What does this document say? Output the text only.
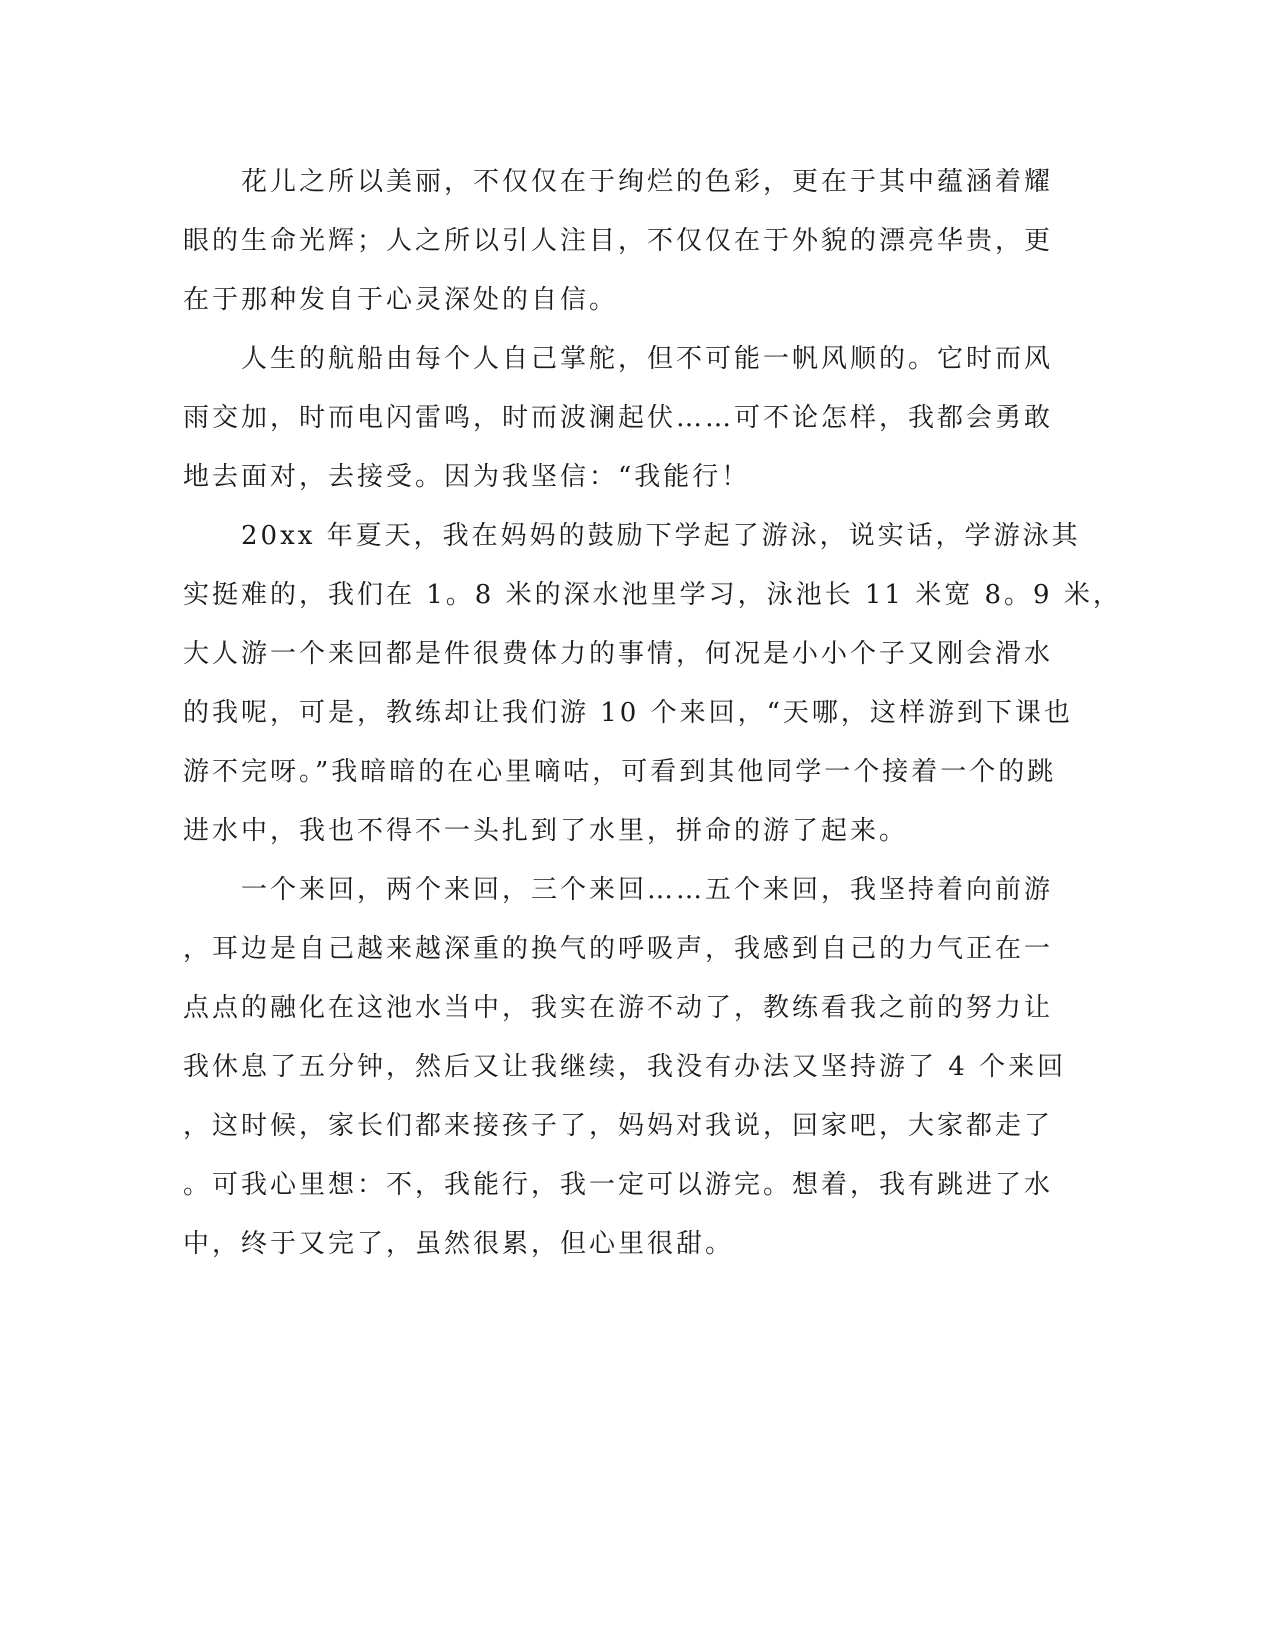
　　花儿之所以美丽，不仅仅在于绚烂的色彩，更在于其中蕴涵着耀

眼的生命光辉；人之所以引人注目，不仅仅在于外貌的漂亮华贵，更

在于那种发自于心灵深处的自信。

　　人生的航船由每个人自己掌舵，但不可能一帆风顺的。它时而风

雨交加，时而电闪雷鸣，时而波澜起伏……可不论怎样，我都会勇敢

地去面对，去接受。因为我坚信：“我能行！

　　20xx 年夏天，我在妈妈的鼓励下学起了游泳，说实话，学游泳其

实挺难的，我们在 1。8 米的深水池里学习，泳池长 11 米宽 8。9 米，

大人游一个来回都是件很费体力的事情，何况是小小个子又刚会滑水

的我呢，可是，教练却让我们游 10 个来回，“天哪，这样游到下课也

游不完呀。”我暗暗的在心里嘀咕，可看到其他同学一个接着一个的跳

进水中，我也不得不一头扎到了水里，拼命的游了起来。

　　一个来回，两个来回，三个来回……五个来回，我坚持着向前游

，耳边是自己越来越深重的换气的呼吸声，我感到自己的力气正在一

点点的融化在这池水当中，我实在游不动了，教练看我之前的努力让

我休息了五分钟，然后又让我继续，我没有办法又坚持游了 4 个来回

，这时候，家长们都来接孩子了，妈妈对我说，回家吧，大家都走了

。可我心里想：不，我能行，我一定可以游完。想着，我有跳进了水

中，终于又完了，虽然很累，但心里很甜。
